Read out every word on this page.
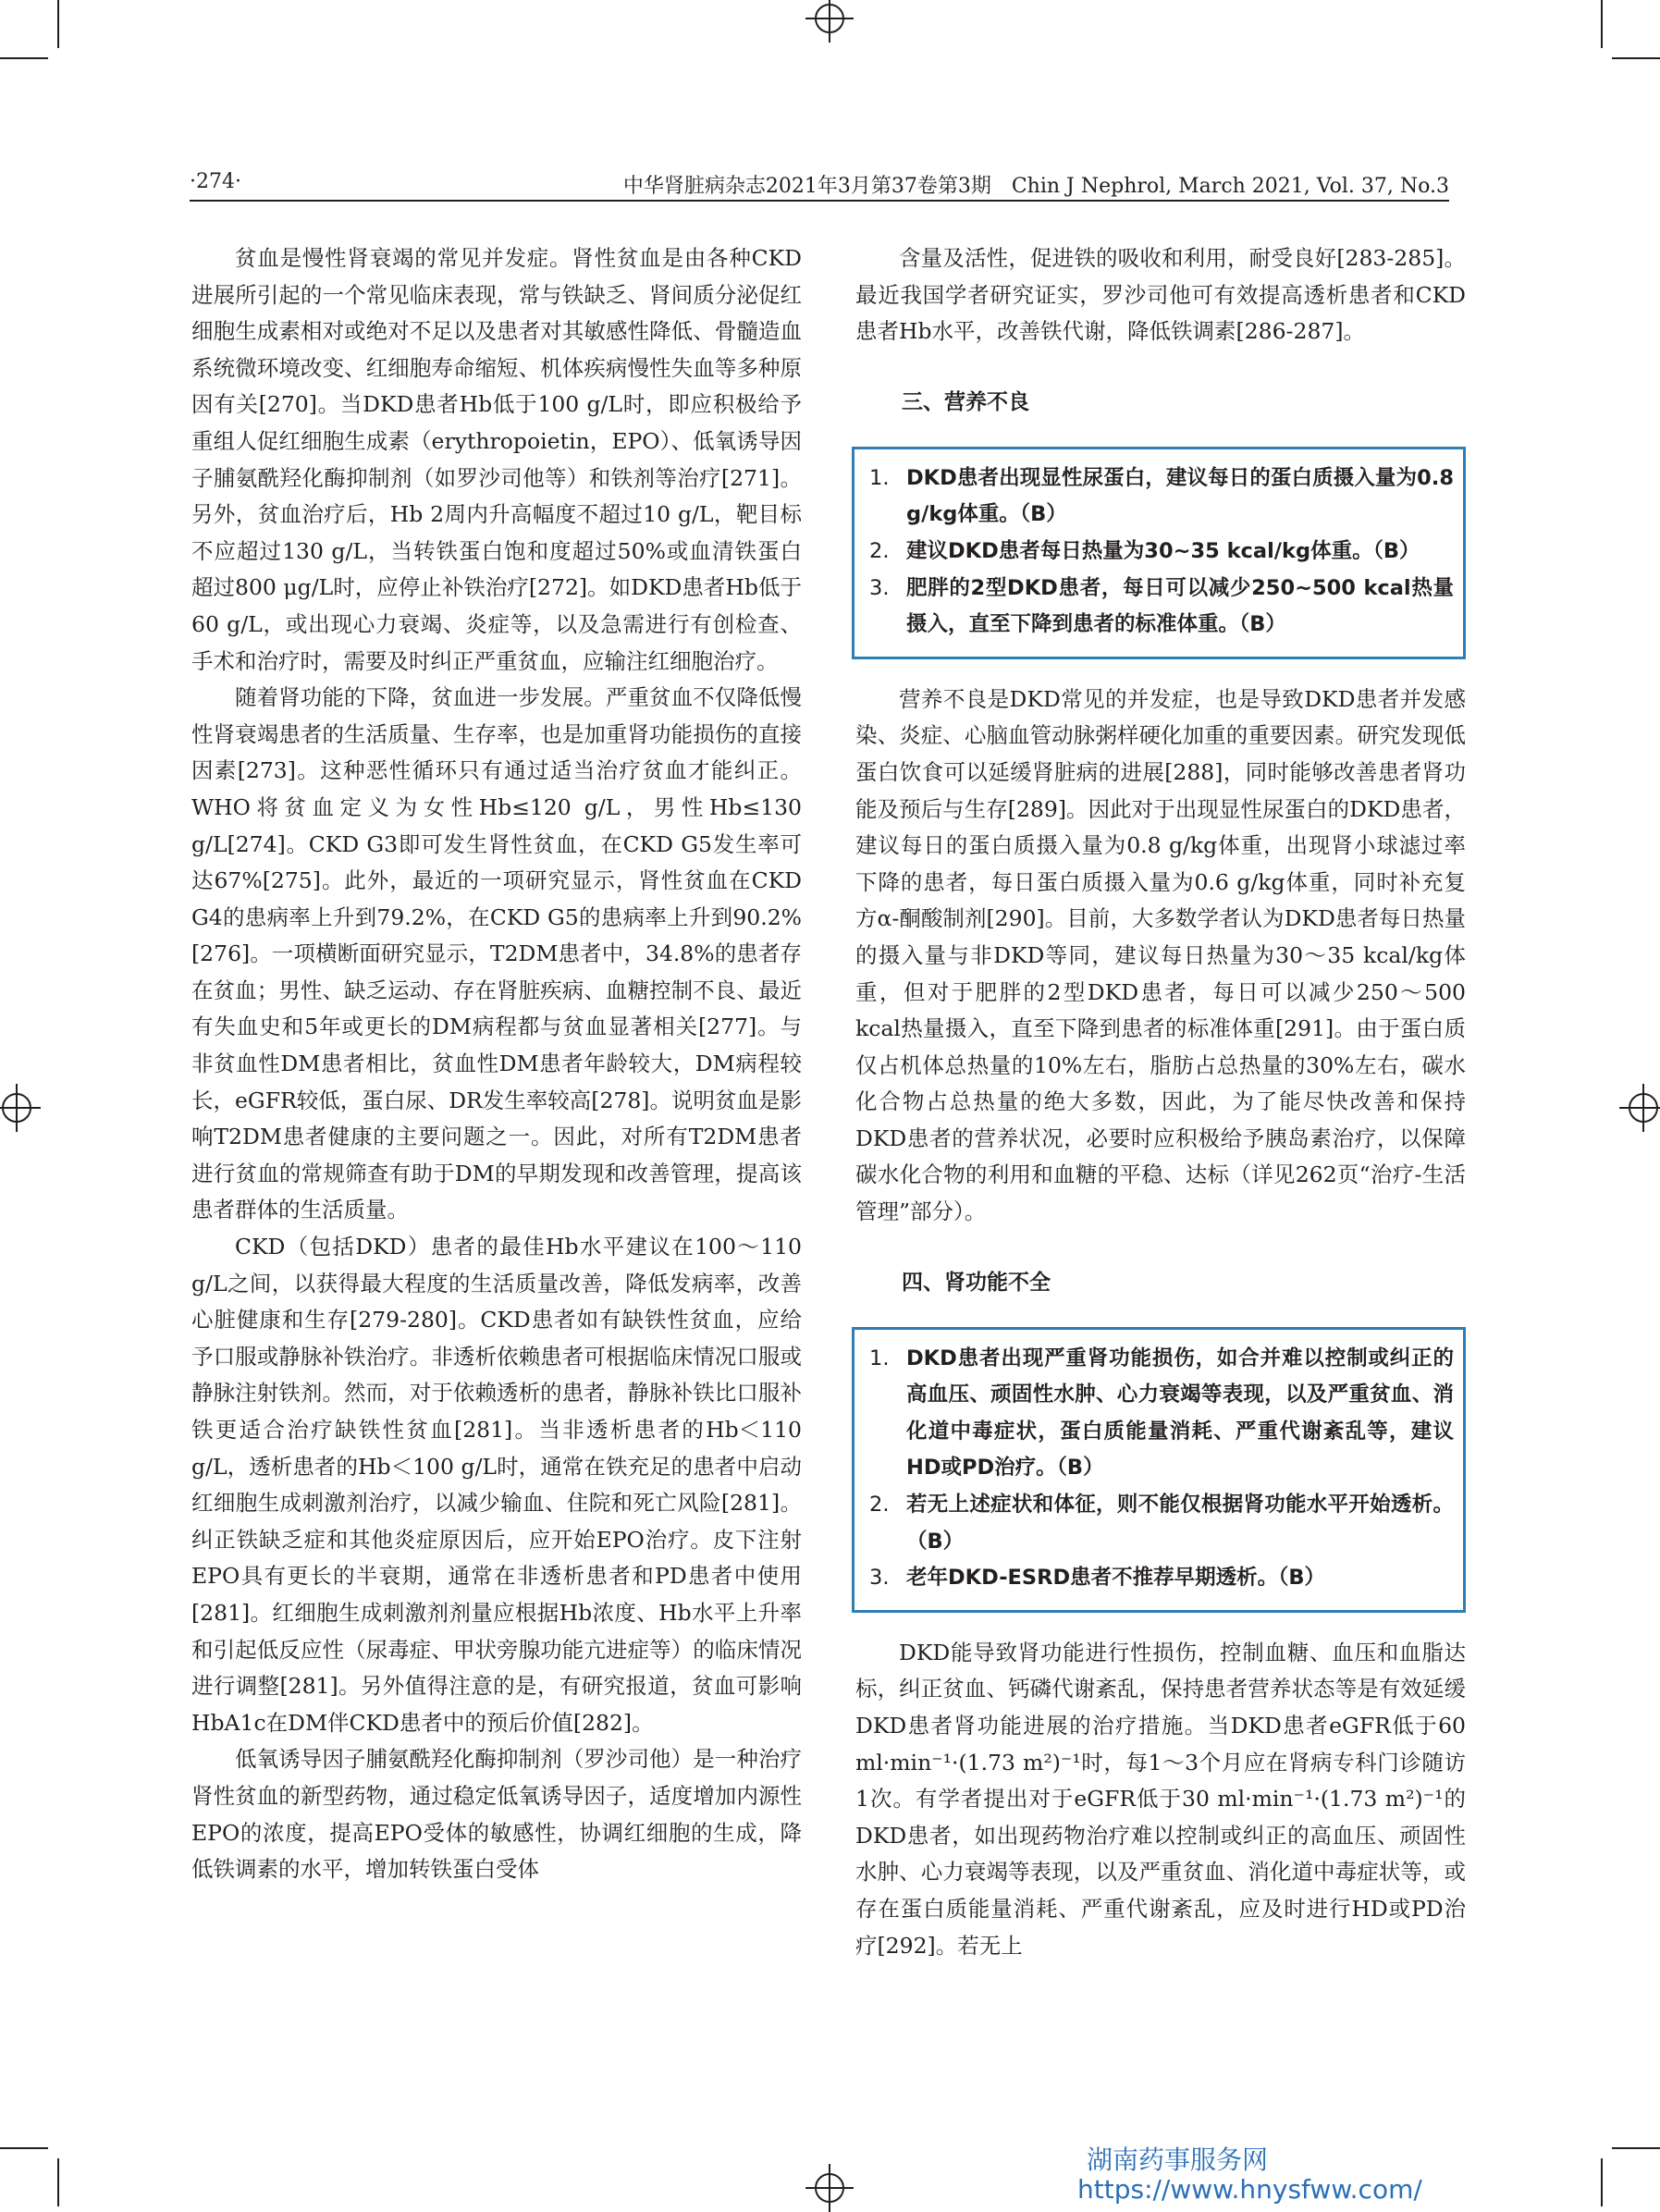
·274·	中华肾脏病杂志2021年3月第37卷第3期　Chin J Nephrol, March 2021, Vol. 37, No.3

贫血是慢性肾衰竭的常见并发症。肾性贫血是由各种CKD进展所引起的一个常见临床表现，常与铁缺乏、肾间质分泌促红细胞生成素相对或绝对不足以及患者对其敏感性降低、骨髓造血系统微环境改变、红细胞寿命缩短、机体疾病慢性失血等多种原因有关[270]。当DKD患者Hb低于100 g/L时，即应积极给予重组人促红细胞生成素（erythropoietin，EPO）、低氧诱导因子脯氨酰羟化酶抑制剂（如罗沙司他等）和铁剂等治疗[271]。另外，贫血治疗后，Hb 2周内升高幅度不超过10 g/L，靶目标不应超过130 g/L，当转铁蛋白饱和度超过50%或血清铁蛋白超过800 μg/L时，应停止补铁治疗[272]。如DKD患者Hb低于60 g/L，或出现心力衰竭、炎症等，以及急需进行有创检查、手术和治疗时，需要及时纠正严重贫血，应输注红细胞治疗。

随着肾功能的下降，贫血进一步发展。严重贫血不仅降低慢性肾衰竭患者的生活质量、生存率，也是加重肾功能损伤的直接因素[273]。这种恶性循环只有通过适当治疗贫血才能纠正。WHO将贫血定义为女性Hb≤120 g/L，男性Hb≤130 g/L[274]。CKD G3即可发生肾性贫血，在CKD G5发生率可达67%[275]。此外，最近的一项研究显示，肾性贫血在CKD G4的患病率上升到79.2%，在CKD G5的患病率上升到90.2%[276]。一项横断面研究显示，T2DM患者中，34.8%的患者存在贫血；男性、缺乏运动、存在肾脏疾病、血糖控制不良、最近有失血史和5年或更长的DM病程都与贫血显著相关[277]。与非贫血性DM患者相比，贫血性DM患者年龄较大，DM病程较长，eGFR较低，蛋白尿、DR发生率较高[278]。说明贫血是影响T2DM患者健康的主要问题之一。因此，对所有T2DM患者进行贫血的常规筛查有助于DM的早期发现和改善管理，提高该患者群体的生活质量。

CKD（包括DKD）患者的最佳Hb水平建议在100～110 g/L之间，以获得最大程度的生活质量改善，降低发病率，改善心脏健康和生存[279-280]。CKD患者如有缺铁性贫血，应给予口服或静脉补铁治疗。非透析依赖患者可根据临床情况口服或静脉注射铁剂。然而，对于依赖透析的患者，静脉补铁比口服补铁更适合治疗缺铁性贫血[281]。当非透析患者的Hb＜110 g/L，透析患者的Hb＜100 g/L时，通常在铁充足的患者中启动红细胞生成刺激剂治疗，以减少输血、住院和死亡风险[281]。纠正铁缺乏症和其他炎症原因后，应开始EPO治疗。皮下注射EPO具有更长的半衰期，通常在非透析患者和PD患者中使用[281]。红细胞生成刺激剂剂量应根据Hb浓度、Hb水平上升率和引起低反应性（尿毒症、甲状旁腺功能亢进症等）的临床情况进行调整[281]。另外值得注意的是，有研究报道，贫血可影响HbA1c在DM伴CKD患者中的预后价值[282]。

低氧诱导因子脯氨酰羟化酶抑制剂（罗沙司他）是一种治疗肾性贫血的新型药物，通过稳定低氧诱导因子，适度增加内源性EPO的浓度，提高EPO受体的敏感性，协调红细胞的生成，降低铁调素的水平，增加转铁蛋白受体

含量及活性，促进铁的吸收和利用，耐受良好[283-285]。最近我国学者研究证实，罗沙司他可有效提高透析患者和CKD患者Hb水平，改善铁代谢，降低铁调素[286-287]。

三、营养不良
1. DKD患者出现显性尿蛋白，建议每日的蛋白质摄入量为0.8 g/kg体重。（B）
2. 建议DKD患者每日热量为30~35 kcal/kg体重。（B）
3. 肥胖的2型DKD患者，每日可以减少250~500 kcal热量摄入，直至下降到患者的标准体重。（B）

营养不良是DKD常见的并发症，也是导致DKD患者并发感染、炎症、心脑血管动脉粥样硬化加重的重要因素。研究发现低蛋白饮食可以延缓肾脏病的进展[288]，同时能够改善患者肾功能及预后与生存[289]。因此对于出现显性尿蛋白的DKD患者，建议每日的蛋白质摄入量为0.8 g/kg体重，出现肾小球滤过率下降的患者，每日蛋白质摄入量为0.6 g/kg体重，同时补充复方α-酮酸制剂[290]。目前，大多数学者认为DKD患者每日热量的摄入量与非DKD等同，建议每日热量为30～35 kcal/kg体重，但对于肥胖的2型DKD患者，每日可以减少250～500 kcal热量摄入，直至下降到患者的标准体重[291]。由于蛋白质仅占机体总热量的10%左右，脂肪占总热量的30%左右，碳水化合物占总热量的绝大多数，因此，为了能尽快改善和保持DKD患者的营养状况，必要时应积极给予胰岛素治疗，以保障碳水化合物的利用和血糖的平稳、达标（详见262页“治疗-生活管理”部分）。

四、肾功能不全
1. DKD患者出现严重肾功能损伤，如合并难以控制或纠正的高血压、顽固性水肿、心力衰竭等表现，以及严重贫血、消化道中毒症状，蛋白质能量消耗、严重代谢紊乱等，建议HD或PD治疗。（B）
2. 若无上述症状和体征，则不能仅根据肾功能水平开始透析。（B）
3. 老年DKD-ESRD患者不推荐早期透析。（B）

DKD能导致肾功能进行性损伤，控制血糖、血压和血脂达标，纠正贫血、钙磷代谢紊乱，保持患者营养状态等是有效延缓DKD患者肾功能进展的治疗措施。当DKD患者eGFR低于60 ml·min⁻¹·(1.73 m²)⁻¹时，每1～3个月应在肾病专科门诊随访1次。有学者提出对于eGFR低于30 ml·min⁻¹·(1.73 m²)⁻¹的DKD患者，如出现药物治疗难以控制或纠正的高血压、顽固性水肿、心力衰竭等表现，以及严重贫血、消化道中毒症状等，或存在蛋白质能量消耗、严重代谢紊乱，应及时进行HD或PD治疗[292]。若无上

湖南药事服务网
https://www.hnysfww.com/
